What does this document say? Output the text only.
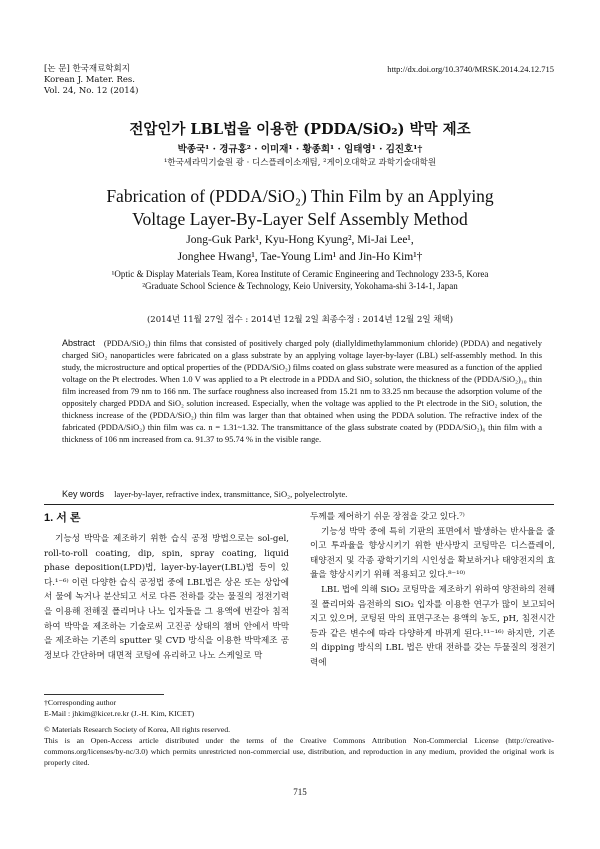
[논 문] 한국재료학회지
Korean J. Mater. Res.
Vol. 24, No. 12 (2014)
http://dx.doi.org/10.3740/MRSK.2014.24.12.715
전압인가 LBL법을 이용한 (PDDA/SiO₂) 박막 제조
박종국¹ · 경규홍² · 이미재¹ · 황종희¹ · 임태영¹ · 김진호¹†
¹한국세라믹기술원 광 · 디스플레이소재팀, ²게이오대학교 과학기술대학원
Fabrication of (PDDA/SiO₂) Thin Film by an Applying
Voltage Layer-By-Layer Self Assembly Method
Jong-Guk Park¹, Kyu-Hong Kyung², Mi-Jai Lee¹,
Jonghee Hwang¹, Tae-Young Lim¹ and Jin-Ho Kim¹†
¹Optic & Display Materials Team, Korea Institute of Ceramic Engineering and Technology 233-5, Korea
²Graduate School Science & Technology, Keio University, Yokohama-shi 3-14-1, Japan
(2014년 11월 27일 접수 : 2014년 12월 2일 최종수정 : 2014년 12월 2일 채택)
Abstract (PDDA/SiO₂) thin films that consisted of positively charged poly (diallyldimethylammonium chloride) (PDDA) and negatively charged SiO₂ nanoparticles were fabricated on a glass substrate by an applying voltage layer-by-layer (LBL) self-assembly method. In this study, the microstructure and optical properties of the (PDDA/SiO₂) films coated on glass substrate were measured as a function of the applied voltage on the Pt electrodes. When 1.0 V was applied to a Pt electrode in a PDDA and SiO₂ solution, the thickness of the (PDDA/SiO₂)₁₀ thin film increased from 79 nm to 166 nm. The surface roughness also increased from 15.21 nm to 33.25 nm because the adsorption volume of the oppositely charged PDDA and SiO₂ solution increased. Especially, when the voltage was applied to the Pt electrode in the SiO₂ solution, the thickness increase of the (PDDA/SiO₂) thin film was larger than that obtained when using the PDDA solution. The refractive index of the fabricated (PDDA/SiO₂) thin film was ca. n = 1.31~1.32. The transmittance of the glass substrate coated by (PDDA/SiO₂)₆ thin film with a thickness of 106 nm increased from ca. 91.37 to 95.74 % in the visible range.
Key words layer-by-layer, refractive index, transmittance, SiO₂, polyelectrolyte.
1. 서 론

기능성 박막을 제조하기 위한 습식 공정 방법으로는 sol-gel, roll-to-roll coating, dip, spin, spray coating, liquid phase deposition(LPD)법, layer-by-layer(LBL)법 등이 있다.¹⁻⁶⁾ 이런 다양한 습식 공정법 중에 LBL법은 상온 또는 상압에서 물에 녹거나 분산되고 서로 다른 전하를 갖는 물질의 정전기력을 이용해 전해질 폴리머나 나노 입자들을 그 용액에 번갈아 침적하여 박막을 제조하는 기술로써 고진공 상태의 챔버 안에서 박막을 제조하는 기존의 sputter 및 CVD 방식을 이용한 박막제조 공정보다 간단하며 대면적 코팅에 유리하고 나노 스케일로 막

두께를 제어하기 쉬운 장점을 갖고 있다.⁷⁾

기능성 박막 중에 특히 기판의 표면에서 발생하는 반사율을 줄이고 투과율을 향상시키기 위한 반사방지 코팅막은 디스플레이, 태양전지 및 각종 광학기기의 시인성을 확보하거나 태양전지의 효율을 향상시키기 위해 적용되고 있다.⁸⁻¹⁰⁾

LBL 법에 의해 SiO₂ 코팅막을 제조하기 위하여 양전하의 전해질 폴리머와 음전하의 SiO₂ 입자를 이용한 연구가 많이 보고되어 지고 있으며, 코팅된 막의 표면구조는 용액의 농도, pH, 침전시간 등과 같은 변수에 따라 다양하게 바뀌게 된다.¹¹⁻¹⁶⁾ 하지만, 기존의 dipping 방식의 LBL 법은 반대 전하를 갖는 두물질의 정전기력에

†Corresponding author
E-Mail : jhkim@kicet.re.kr (J.-H. Kim, KICET)
© Materials Research Society of Korea, All rights reserved.
This is an Open-Access article distributed under the terms of the Creative Commons Attribution Non-Commercial License (http://creative-commons.org/licenses/by-nc/3.0) which permits unrestricted non-commercial use, distribution, and reproduction in any medium, provided the original work is properly cited.
715
